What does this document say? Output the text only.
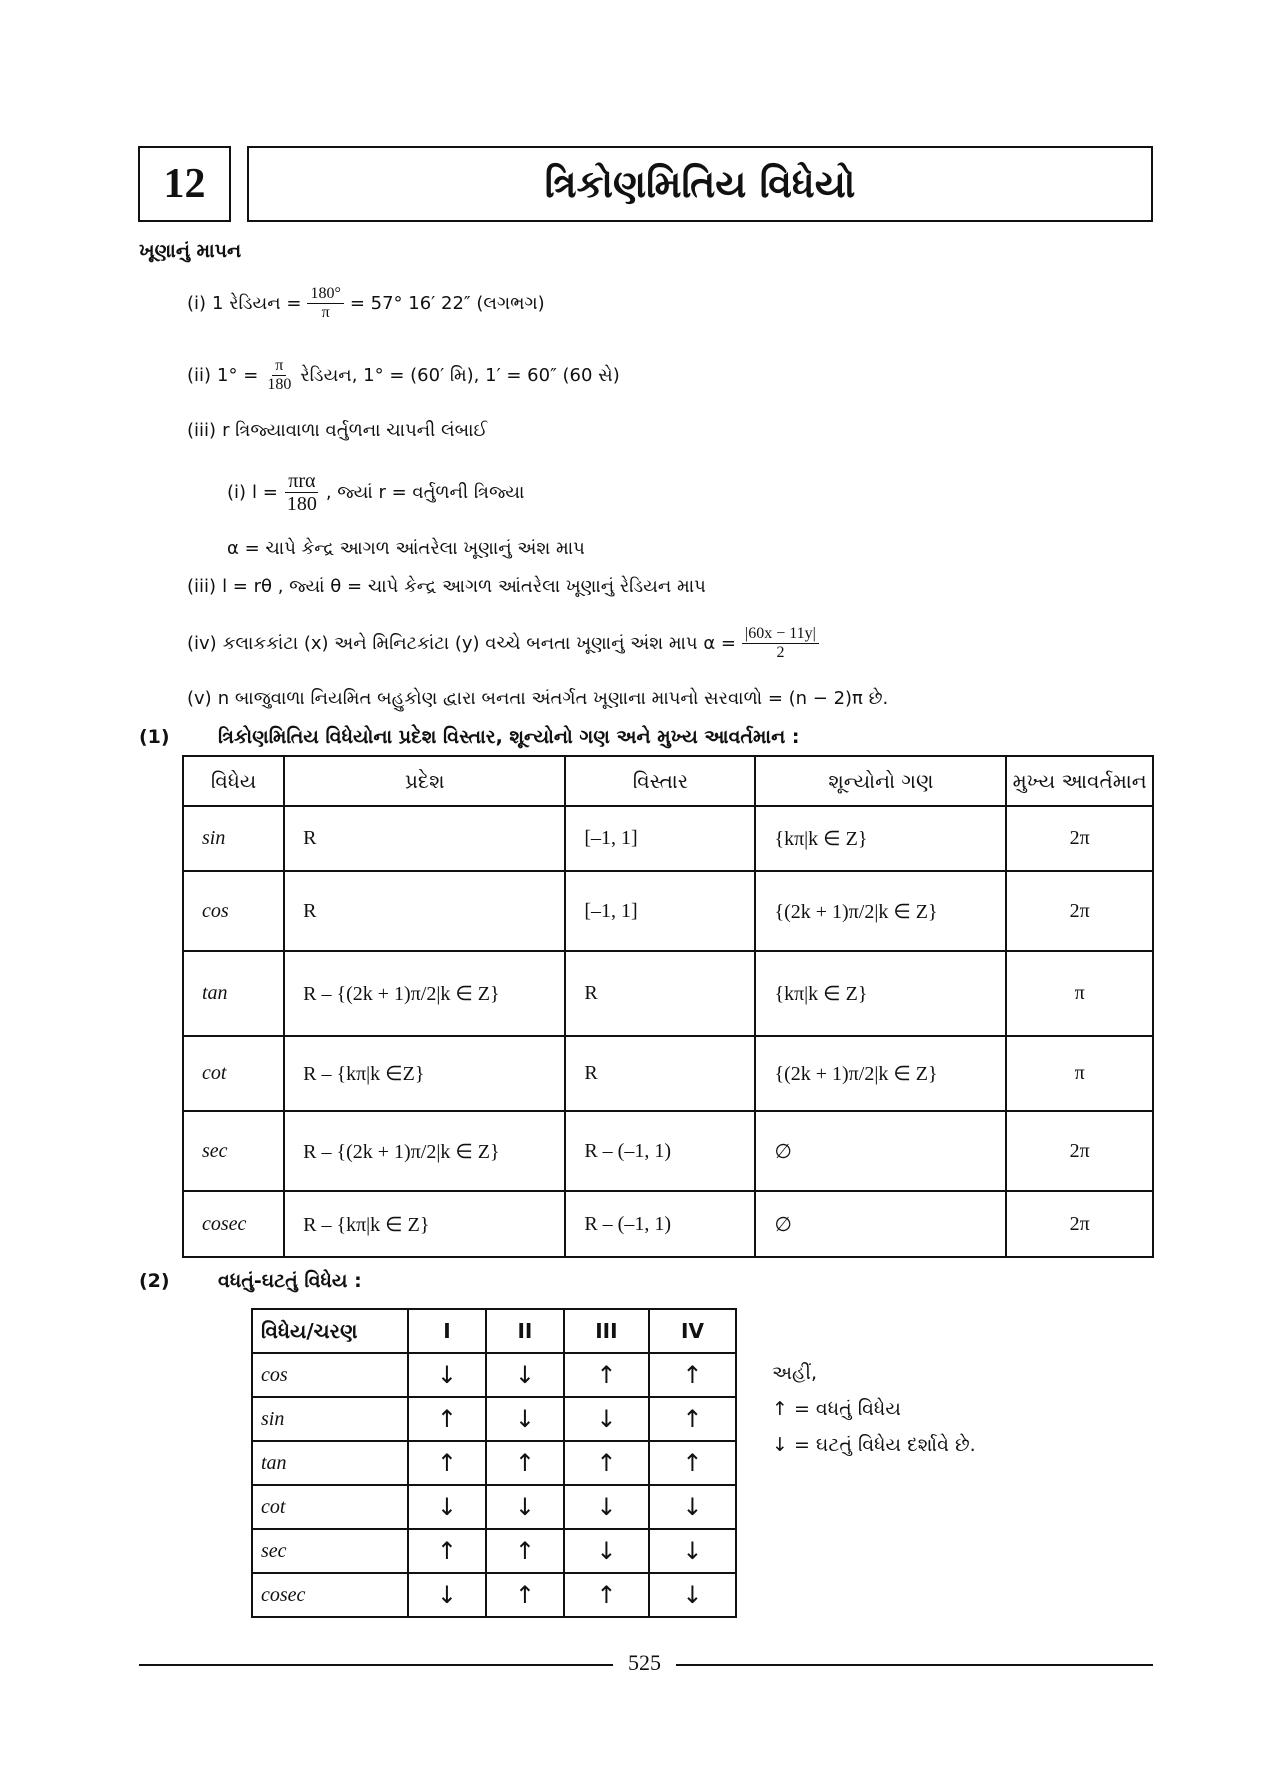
12	ત્રિકોણમિતિય વિધેયો
ખૂણાનું માપન
(i) 1 રેડિયન = $\frac{180^\circ}{\pi} = 57^\circ$ 16′ 22″ (લગભગ)
(ii) $1^\circ = \frac{\pi}{180}$ રેડિયન, 1° = (60′ મિ), 1′ = 60″ (60 સે)
(iii) r ત્રિજ્યાવાળા વર્તુળના ચાપની લંબાઈ
(i) $l = \frac{\text{πrα}}{180}$ , જ્યાં r = વર્તુળની ત્રિજ્યા
α = ચાપે કેન્દ્ર આગળ આંતરેલા ખૂણાનું અંશ માપ
(iii) l = rθ , જ્યાં θ = ચાપે કેન્દ્ર આગળ આંતરેલા ખૂણાનું રેડિયન માપ
(iv) કલાકકાંટા (x) અને મિનિટકાંટા (y) વચ્ચે બનતા ખૂણાનું અંશ માપ $\alpha = \frac{|60x - 11y|}{2}$
(v) n બાજુવાળા નિયમિત બહુકોણ દ્વારા બનતા અંતર્ગત ખૂણાના માપનો સરવાળો = (n − 2)π છે.
(1)	ત્રિકોણમિતિય વિધેયોના પ્રદેશ વિસ્તાર, શૂન્યોનો ગણ અને મુખ્ય આવર્તમાન :
વિધેય	પ્રદેશ	વિસ્તાર	શૂન્યોનો ગણ	મુખ્ય આવર્તમાન
sin	R	[–1, 1]	{kπ|k ∈ Z}	2π
cos	R	[–1, 1]	{(2k + 1)π/2|k ∈ Z}	2π
tan	R – {(2k + 1)π/2|k ∈ Z}	R	{kπ|k ∈ Z}	π
cot	R – {kπ|k ∈Z}	R	{(2k + 1)π/2|k ∈ Z}	π
sec	R – {(2k + 1)π/2|k ∈ Z}	R – (–1, 1)	∅	2π
cosec	R – {kπ|k ∈ Z}	R – (–1, 1)	∅	2π
(2)	વધતું-ઘટતું વિધેય :
વિધેય/ચરણ	I	II	III	IV
cos	↓	↓	↑	↑
sin	↑	↓	↓	↑
tan	↑	↑	↑	↑
cot	↓	↓	↓	↓
sec	↑	↑	↓	↓
cosec	↓	↑	↑	↓
અહીં,
↑ = વધતું વિધેય
↓ = ઘટતું વિધેય દર્શાવે છે.
525
